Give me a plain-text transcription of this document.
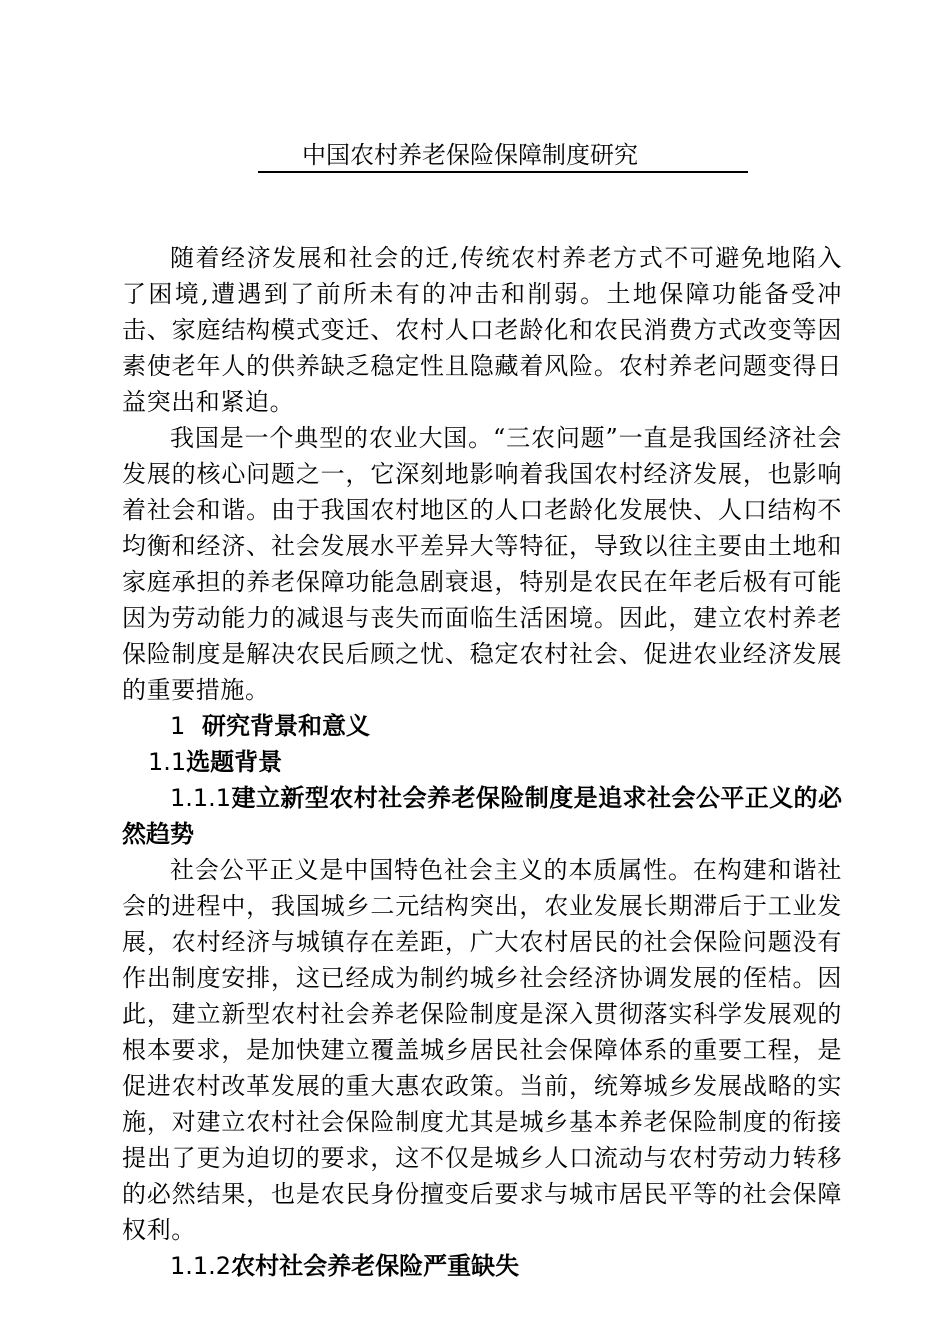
中国农村养老保险保障制度研究

随着经济发展和社会的迁,传统农村养老方式不可避免地陷入了困境,遭遇到了前所未有的冲击和削弱。土地保障功能备受冲击、家庭结构模式变迁、农村人口老龄化和农民消费方式改变等因素使老年人的供养缺乏稳定性且隐藏着风险。农村养老问题变得日益突出和紧迫。

我国是一个典型的农业大国。“三农问题”一直是我国经济社会发展的核心问题之一，它深刻地影响着我国农村经济发展，也影响着社会和谐。由于我国农村地区的人口老龄化发展快、人口结构不均衡和经济、社会发展水平差异大等特征，导致以往主要由土地和家庭承担的养老保障功能急剧衰退，特别是农民在年老后极有可能因为劳动能力的减退与丧失而面临生活困境。因此，建立农村养老保险制度是解决农民后顾之忧、稳定农村社会、促进农业经济发展的重要措施。

1 研究背景和意义

1.1选题背景

1.1.1建立新型农村社会养老保险制度是追求社会公平正义的必然趋势

社会公平正义是中国特色社会主义的本质属性。在构建和谐社会的进程中，我国城乡二元结构突出，农业发展长期滞后于工业发展，农村经济与城镇存在差距，广大农村居民的社会保险问题没有作出制度安排，这已经成为制约城乡社会经济协调发展的侄桔。因此，建立新型农村社会养老保险制度是深入贯彻落实科学发展观的根本要求，是加快建立覆盖城乡居民社会保障体系的重要工程，是促进农村改革发展的重大惠农政策。当前，统筹城乡发展战略的实施，对建立农村社会保险制度尤其是城乡基本养老保险制度的衔接提出了更为迫切的要求，这不仅是城乡人口流动与农村劳动力转移的必然结果，也是农民身份擅变后要求与城市居民平等的社会保障权利。

1.1.2农村社会养老保险严重缺失
